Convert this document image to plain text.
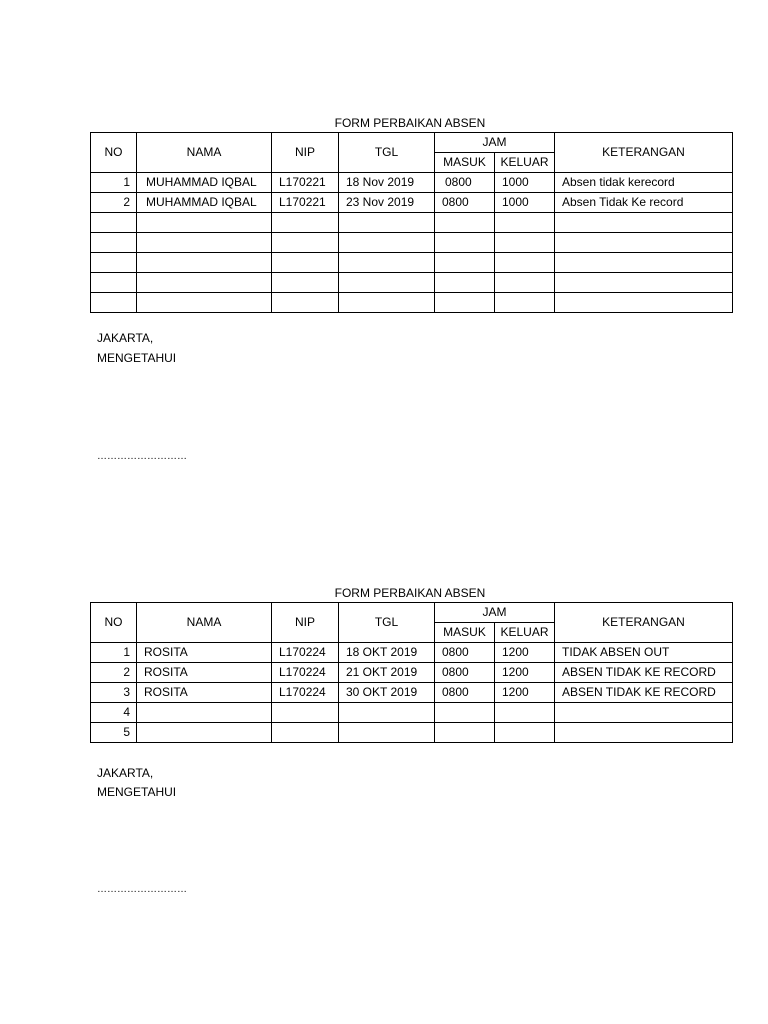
FORM PERBAIKAN ABSEN
NO	NAMA	NIP	TGL	JAM		KETERANGAN
				MASUK	KELUAR	
1	MUHAMMAD IQBAL	L170221	18 Nov 2019	0800	1000	Absen tidak kerecord
2	MUHAMMAD IQBAL	L170221	23 Nov 2019	0800	1000	Absen Tidak Ke record

JAKARTA,
MENGETAHUI
………………………
FORM PERBAIKAN ABSEN
NO	NAMA	NIP	TGL	JAM		KETERANGAN
				MASUK	KELUAR	
1	ROSITA	L170224	18 OKT 2019	0800	1200	TIDAK ABSEN OUT
2	ROSITA	L170224	21 OKT 2019	0800	1200	ABSEN TIDAK KE RECORD
3	ROSITA	L170224	30 OKT 2019	0800	1200	ABSEN TIDAK KE RECORD
4						
5						
JAKARTA,
MENGETAHUI
………………………
